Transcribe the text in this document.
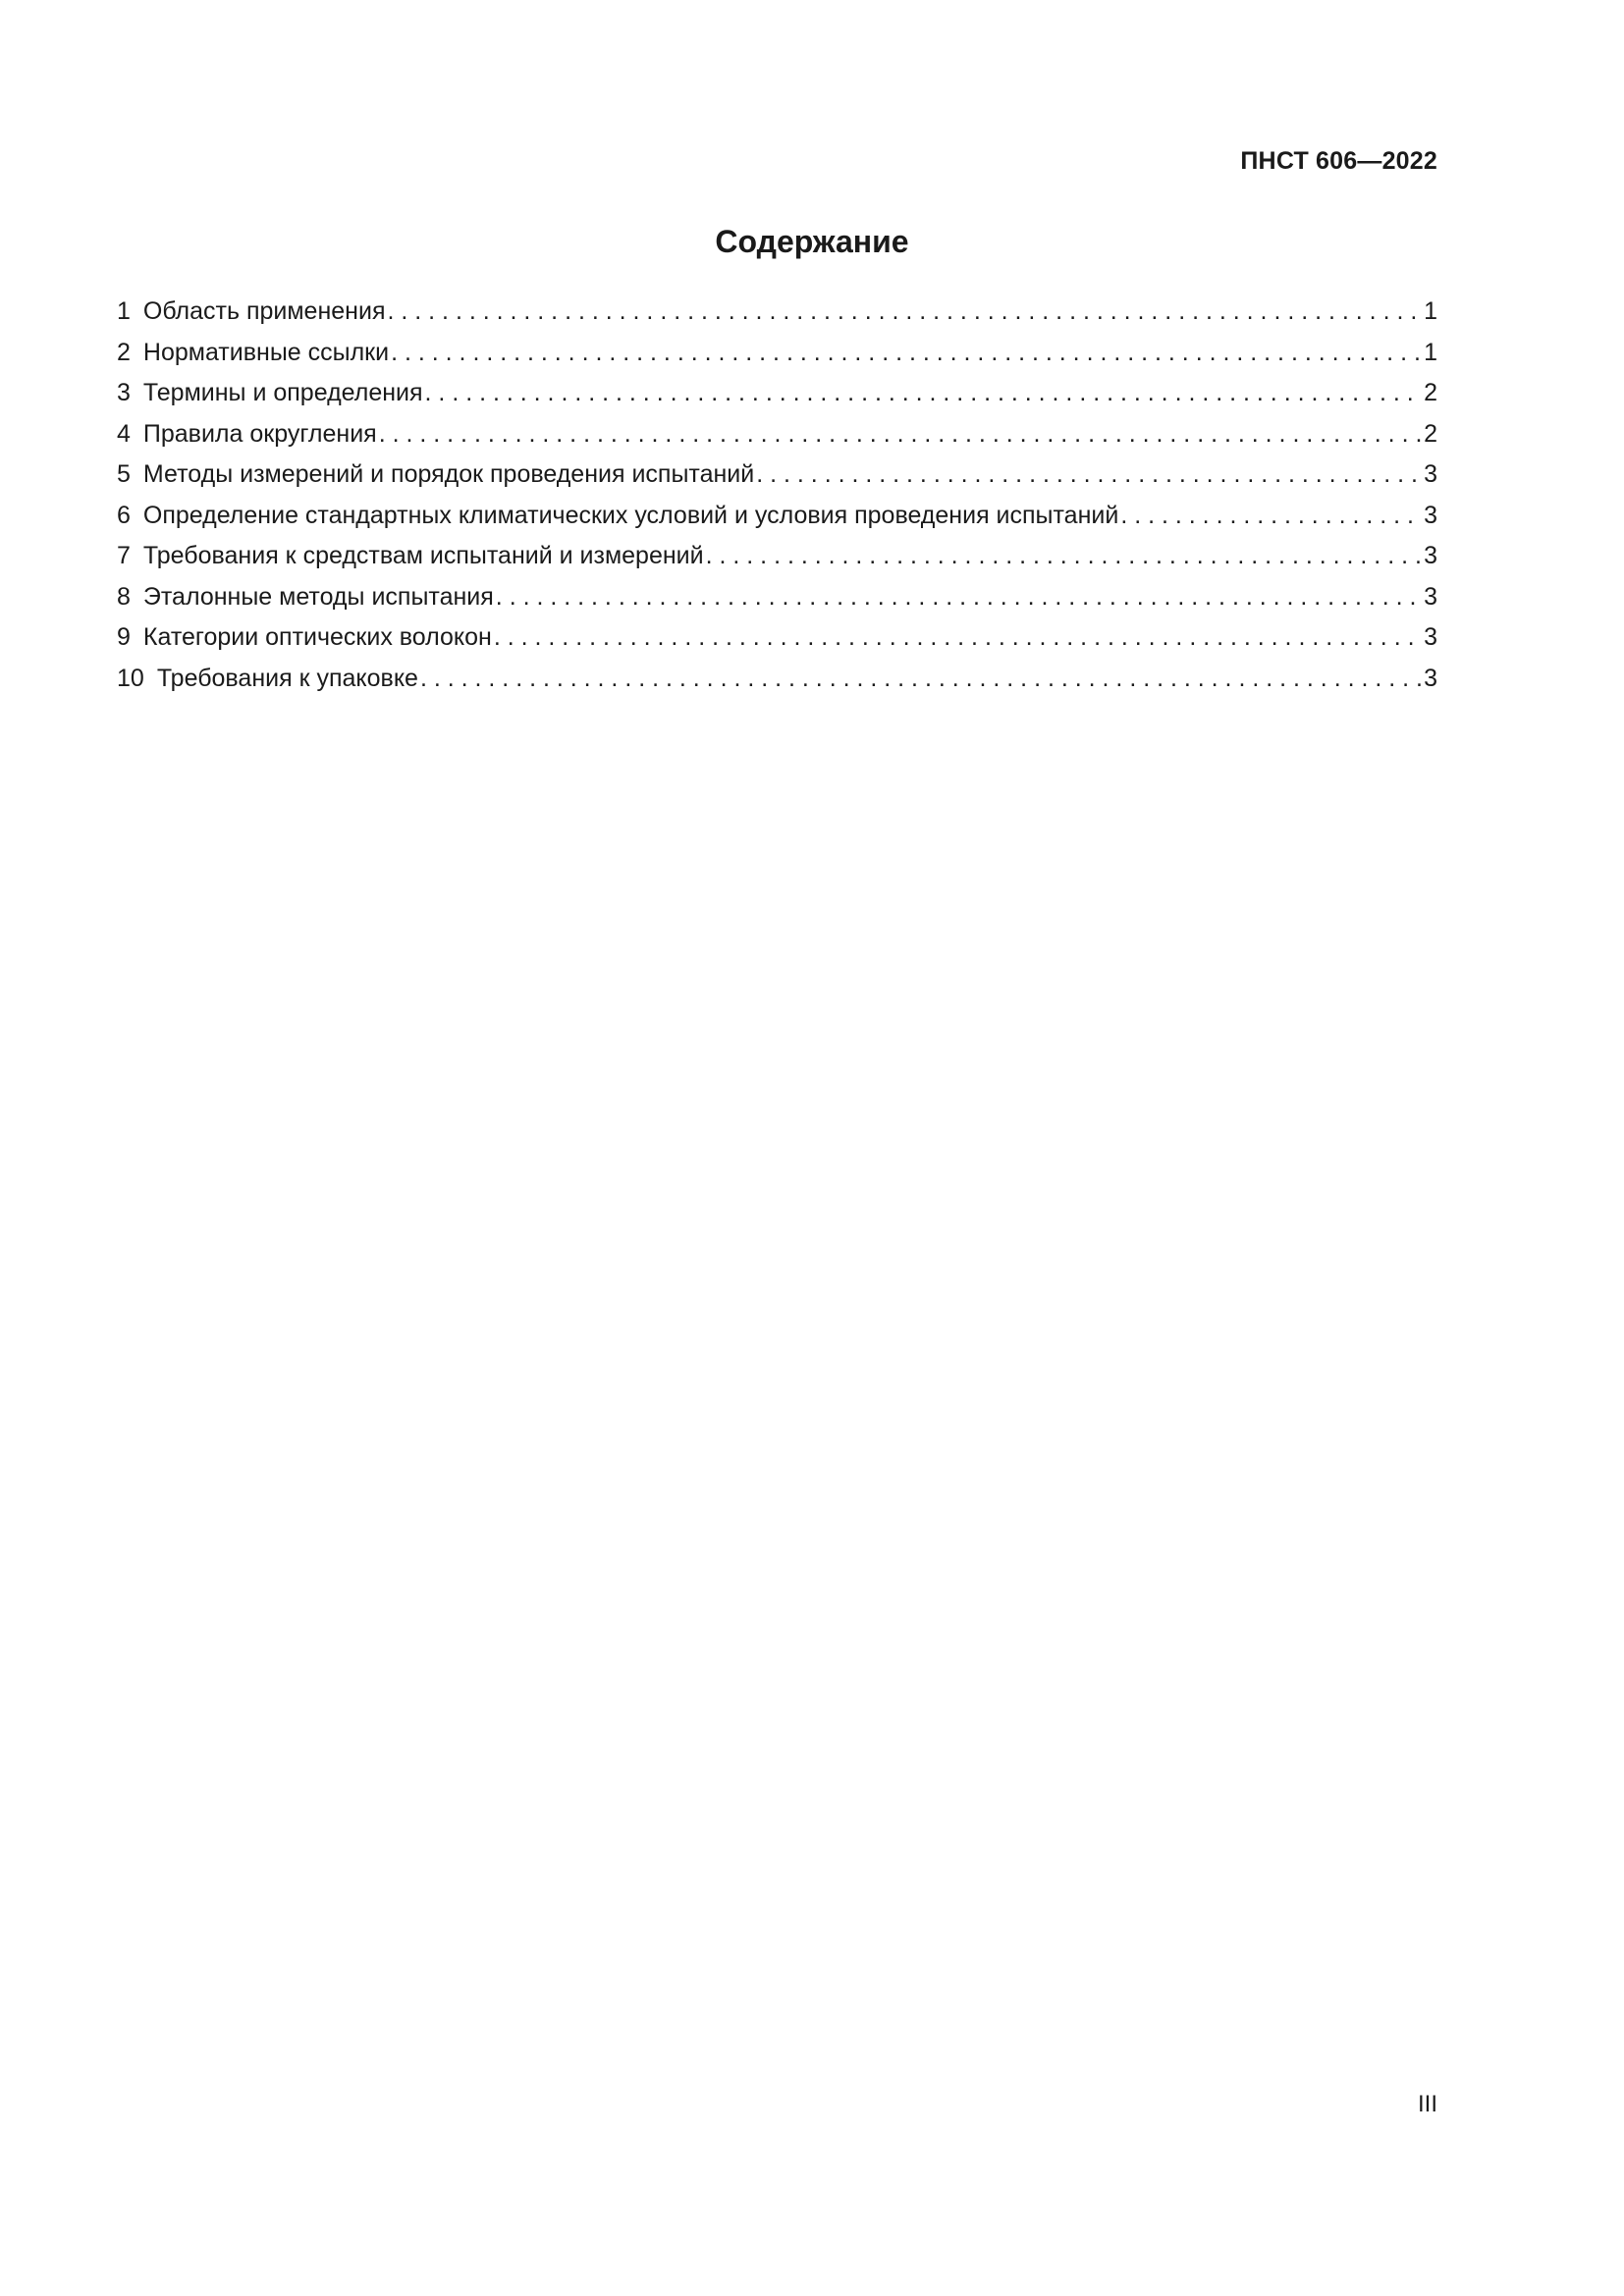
ПНСТ 606—2022
Содержание
1 Область применения . . .	1
2 Нормативные ссылки . . .	1
3 Термины и определения . . .	2
4 Правила округления . . .	2
5 Методы измерений и порядок проведения испытаний . . .	3
6 Определение стандартных климатических условий и условия проведения испытаний . . .	3
7 Требования к средствам испытаний и измерений . . .	3
8 Эталонные методы испытания . . .	3
9 Категории оптических волокон . . .	3
10 Требования к упаковке . . .	3
III
